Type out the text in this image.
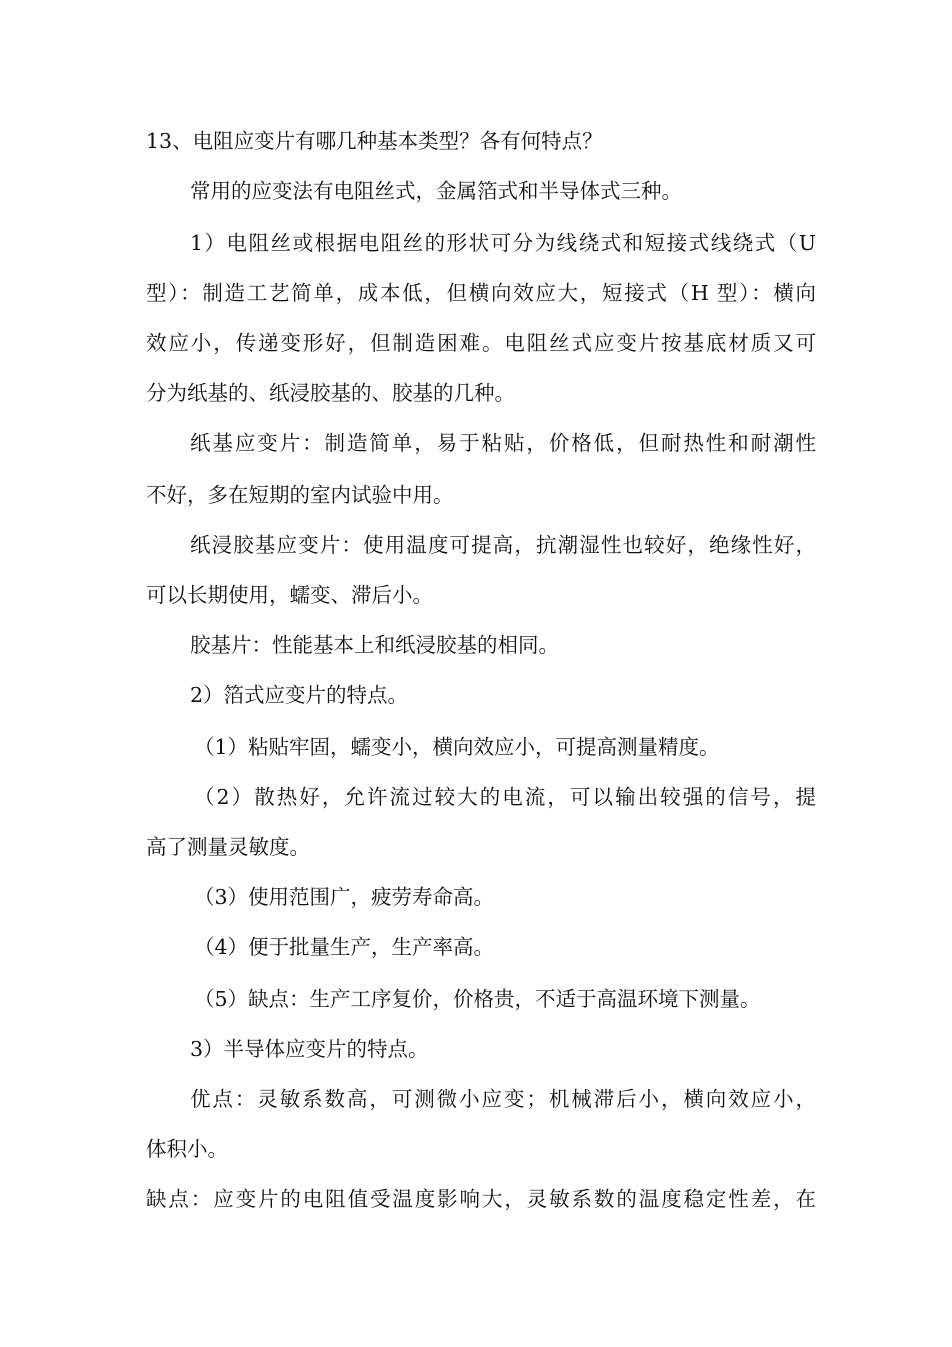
13、电阻应变片有哪几种基本类型？各有何特点？
常用的应变法有电阻丝式，金属箔式和半导体式三种。
1）电阻丝或根据电阻丝的形状可分为线绕式和短接式线绕式（U
型）：制造工艺简单，成本低，但横向效应大，短接式（H 型）：横向
效应小，传递变形好，但制造困难。电阻丝式应变片按基底材质又可
分为纸基的、纸浸胶基的、胶基的几种。
纸基应变片：制造简单，易于粘贴，价格低，但耐热性和耐潮性
不好，多在短期的室内试验中用。
纸浸胶基应变片：使用温度可提高，抗潮湿性也较好，绝缘性好，
可以长期使用，蠕变、滞后小。
胶基片：性能基本上和纸浸胶基的相同。
2）箔式应变片的特点。
（1）粘贴牢固，蠕变小，横向效应小，可提高测量精度。
（2）散热好，允许流过较大的电流，可以输出较强的信号，提
高了测量灵敏度。
（3）使用范围广，疲劳寿命高。
（4）便于批量生产，生产率高。
（5）缺点：生产工序复价，价格贵，不适于高温环境下测量。
3）半导体应变片的特点。
优点：灵敏系数高，可测微小应变；机械滞后小，横向效应小，
体积小。
缺点：应变片的电阻值受温度影响大，灵敏系数的温度稳定性差，在
